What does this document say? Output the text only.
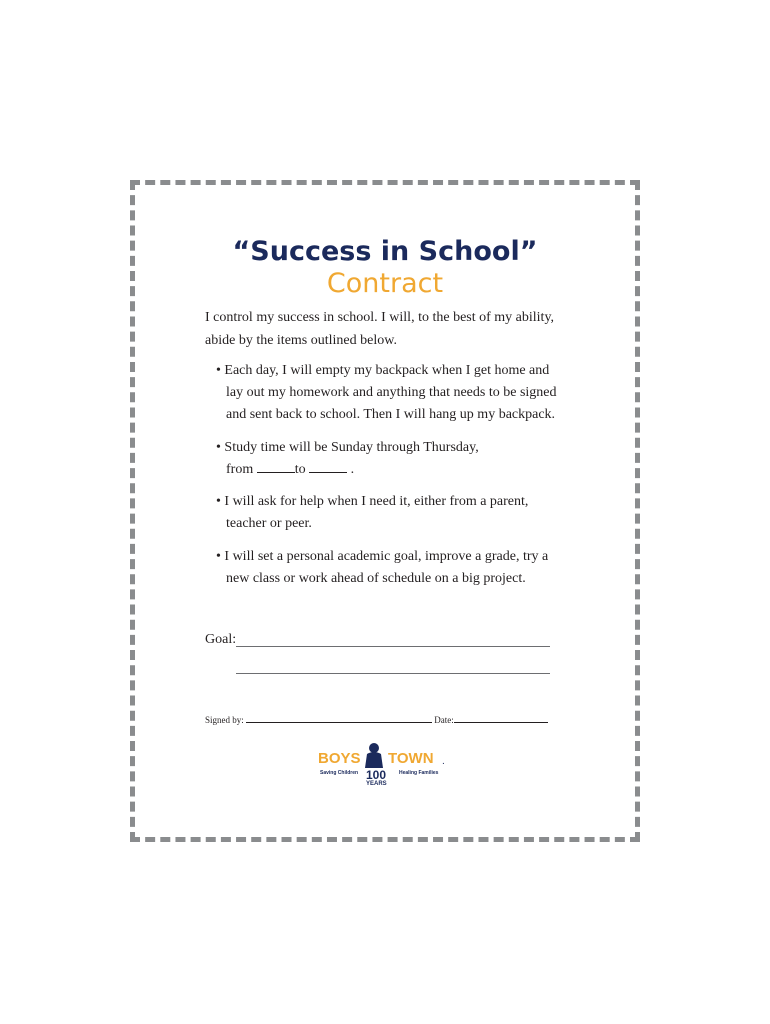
“Success in School”
Contract
I control my success in school. I will, to the best of my ability,
abide by the items outlined below.
• Each day, I will empty my backpack when I get home and
lay out my homework and anything that needs to be signed
and sent back to school. Then I will hang up my backpack.
• Study time will be Sunday through Thursday,
from	to	.
• I will ask for help when I need it, either from a parent,
teacher or peer.
• I will set a personal academic goal, improve a grade, try a
new class or work ahead of schedule on a big project.
Goal:
Signed by:	Date:
BOYS TOWN .
Saving Children	Healing Families
100
YEARS
